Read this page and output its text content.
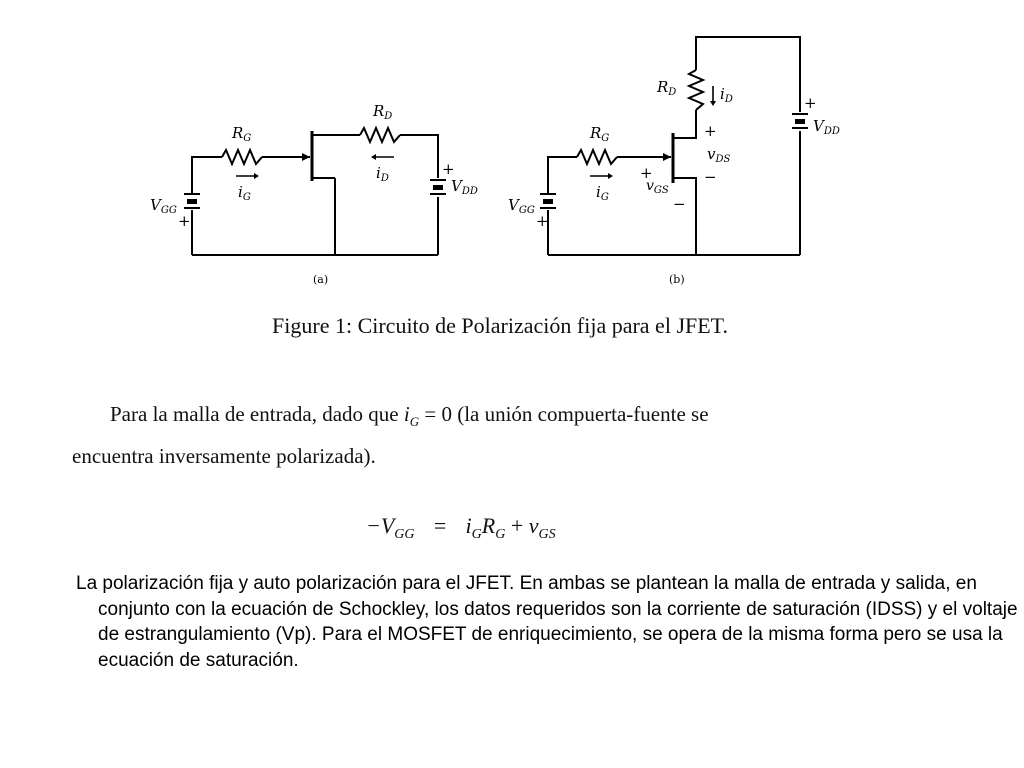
$R_G$
$R_D$
$i_G$
$i_D$
$V_{GG}$
$V_{DD}$
+
+
(a)
$R_D$	$i_D$
$R_G$
$i_G$
$v_{GS}$
$v_{DS}$
$V_{GG}$
$V_{DD}$
+
−
+
−
+
+
(b)
Figure 1: Circuito de Polarización fija para el JFET.
Para la malla de entrada, dado que $i_G = 0$ (la unión compuerta-fuente se
encuentra inversamente polarizada).
$-V_{GG} = i_GR_G + v_{GS}$
La polarización fija y auto polarización para el JFET. En ambas se plantean la malla de entrada y salida, en conjunto con la ecuación de Schockley, los datos requeridos son la corriente de saturación (IDSS) y el voltaje de estrangulamiento (Vp). Para el MOSFET de enriquecimiento, se opera de la misma forma pero se usa la ecuación de saturación.
